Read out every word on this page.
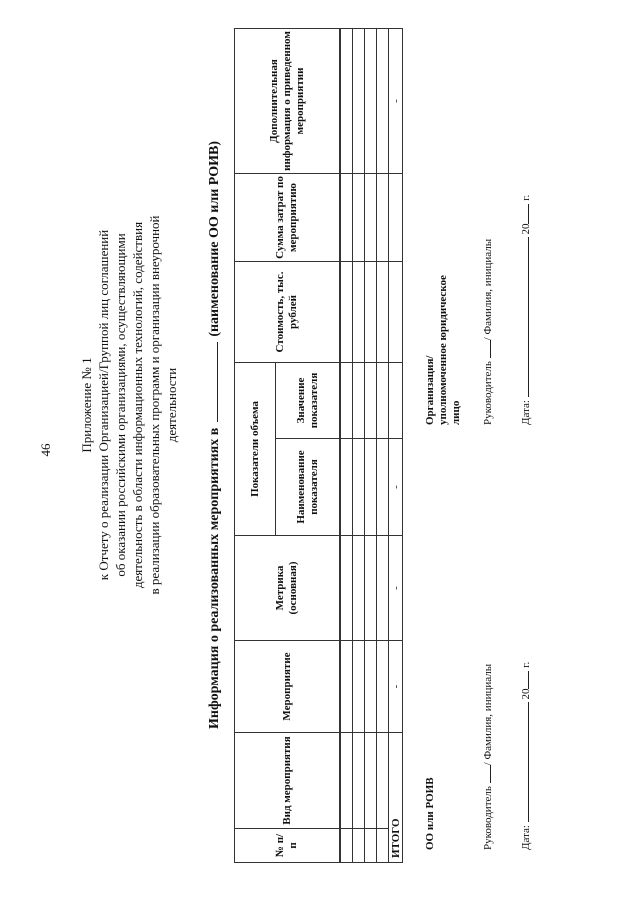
46 Приложение № 1 к Отчету о реализации Организацией/Группой лиц соглашений об оказании российскими организациями, осуществляющими деятельность в области информационных технологий, содействия в реализации образовательных программ и организации внеурочной деятельности
Информация о реализованных мероприятиях в  (наименование ОО или РОИВ)
№ п/п	Вид мероприятия	Мероприятие	Метрика (основная)	Показатели объема		Стоимость, тыс. рублей	Сумма затрат по мероприятию	Дополнительная информация о приведенном мероприятии
				Наименование показателя	Значение показателя			

ИТОГО		-	-	-				-
ОО или РОИВ	Руководитель / Фамилия, инициалы
Дата:  20 г.
Организация/уполномоченное юридическое лицо Руководитель / Фамилия, инициалы
Дата:  20 г.
